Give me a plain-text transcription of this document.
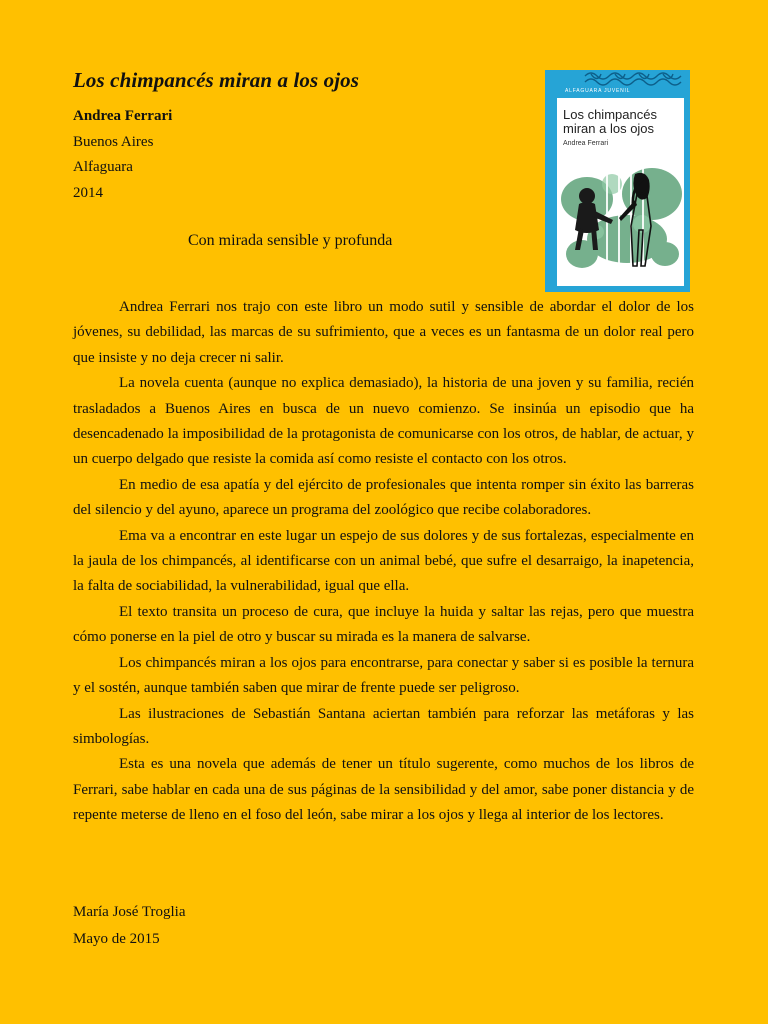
Los chimpancés miran a los ojos
Andrea Ferrari
Buenos Aires
Alfaguara
2014
ALFAGUARA JUVENIL
Los chimpancés
miran a los ojos
Andrea Ferrari
Con mirada sensible y profunda

Andrea Ferrari nos trajo con este libro un modo sutil y sensible de abordar el dolor de los jóvenes, su debilidad, las marcas de su sufrimiento, que a veces es un fantasma de un dolor real pero que insiste y no deja crecer ni salir.

La novela cuenta (aunque no explica demasiado), la historia de una joven y su familia, recién trasladados a Buenos Aires en busca de un nuevo comienzo. Se insinúa un episodio que ha desencadenado la imposibilidad de la protagonista de comunicarse con los otros, de hablar, de actuar, y un cuerpo delgado que resiste la comida así como resiste el contacto con los otros.

En medio de esa apatía y del ejército de profesionales que intenta romper sin éxito las barreras del silencio y del ayuno, aparece un programa del zoológico que recibe colaboradores.

Ema va a encontrar en este lugar un espejo de sus dolores y de sus fortalezas, especialmente en la jaula de los chimpancés, al identificarse con un animal bebé, que sufre el desarraigo, la inapetencia, la falta de sociabilidad, la vulnerabilidad, igual que ella.

El texto transita un proceso de cura, que incluye la huida y saltar las rejas, pero que muestra cómo ponerse en la piel de otro y buscar su mirada es la manera de salvarse.

Los chimpancés miran a los ojos para encontrarse, para conectar y saber si es posible la ternura y el sostén, aunque también saben que mirar de frente puede ser peligroso.

Las ilustraciones de Sebastián Santana aciertan también para reforzar las metáforas y las simbologías.

Esta es una novela que además de tener un título sugerente, como muchos de los libros de Ferrari, sabe hablar en cada una de sus páginas de la sensibilidad y del amor, sabe poner distancia y de repente meterse de lleno en el foso del león, sabe mirar a los ojos y llega al interior de los lectores.

María José Troglia
Mayo de 2015
